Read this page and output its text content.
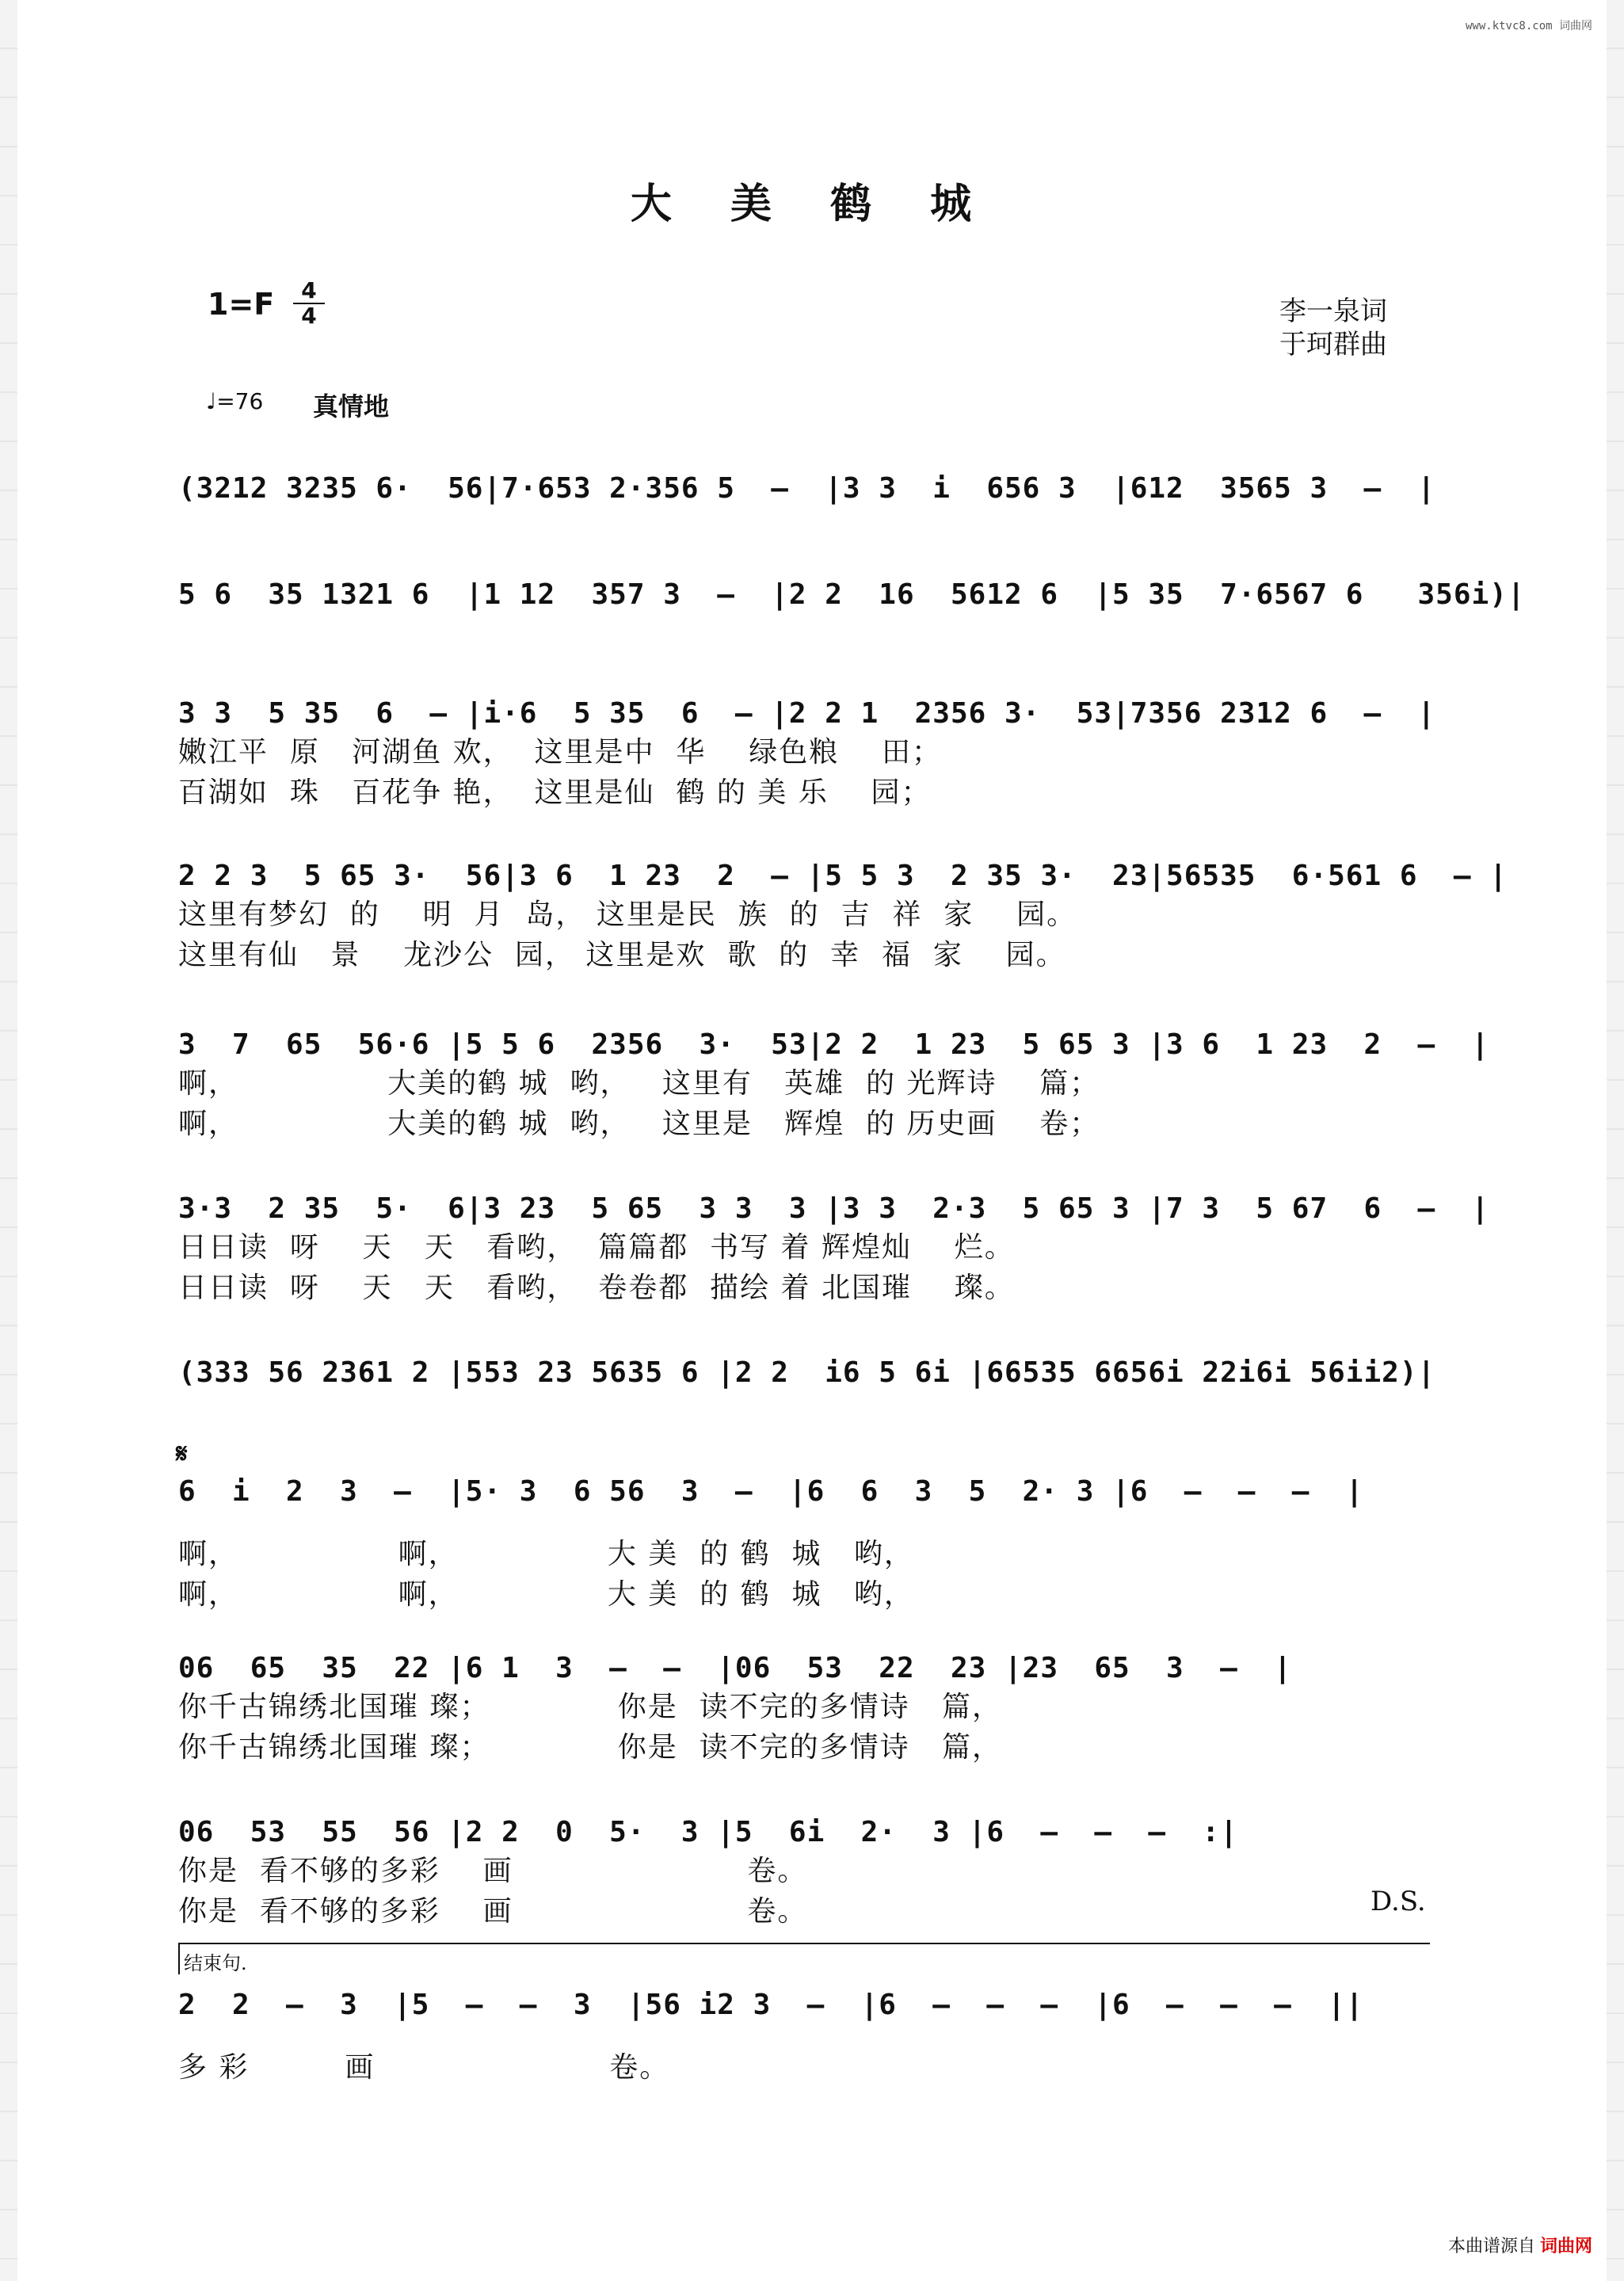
www.ktvc8.com 词曲网
大 美 鹤 城
1=F	4
4	李一泉词
于珂群曲
♩=76 真情地
𝄋
D.S.
结束句.
(3212 3235 6·  56|7·653 2·356 5  –  |3 3  i  656 3  |612  3565 3  –  |
5 6  35 1321 6  |1 12  357 3  –  |2 2  16  5612 6  |5 35  7·6567 6   356i)|
3 3  5 35  6  – |i·6  5 35  6  – |2 2 1  2356 3·  53|7356 2312 6  –  |
嫩江平  原   河湖鱼 欢，  这里是中  华    绿色粮    田；
百湖如  珠   百花争 艳，  这里是仙  鹤 的 美 乐    园；
2 2 3  5 65 3·  56|3 6  1 23  2  – |5 5 3  2 35 3·  23|56535  6·561 6  – |
这里有梦幻  的    明  月  岛， 这里是民  族  的  吉  祥  家    园。
这里有仙   景    龙沙公  园， 这里是欢  歌  的  幸  福  家    园。
3  7  65  56·6 |5 5 6  2356  3·  53|2 2  1 23  5 65 3 |3 6  1 23  2  –  |
啊，              大美的鹤 城  哟，   这里有   英雄  的 光辉诗    篇；
啊，              大美的鹤 城  哟，   这里是   辉煌  的 历史画    卷；
3·3  2 35  5·  6|3 23  5 65  3 3  3 |3 3  2·3  5 65 3 |7 3  5 67  6  –  |
日日读  呀    天   天   看哟，  篇篇都  书写 着 辉煌灿    烂。
日日读  呀    天   天   看哟，  卷卷都  描绘 着 北国璀    璨。
(333 56 2361 2 |553 23 5635 6 |2 2  i6 5 6i |66535 6656i 22i6i 56ii2)|
6  i  2  3  –  |5· 3  6 56  3  –  |6  6  3  5  2· 3 |6  –  –  –  |
啊，               啊，              大 美  的 鹤  城   哟，
啊，               啊，              大 美  的 鹤  城   哟，
06  65  35  22 |6 1  3  –  –  |06  53  22  23 |23  65  3  –  |
你千古锦绣北国璀 璨；            你是  读不完的多情诗   篇，
你千古锦绣北国璀 璨；            你是  读不完的多情诗   篇，
06  53  55  56 |2 2  0  5·  3 |5  6i  2·  3 |6  –  –  –  :|
你是  看不够的多彩    画                      卷。
你是  看不够的多彩    画                      卷。
2  2  –  3  |5  –  –  3  |56 i2 3  –  |6  –  –  –  |6  –  –  –  ||
多 彩         画                      卷。
本曲谱源自 词曲网
